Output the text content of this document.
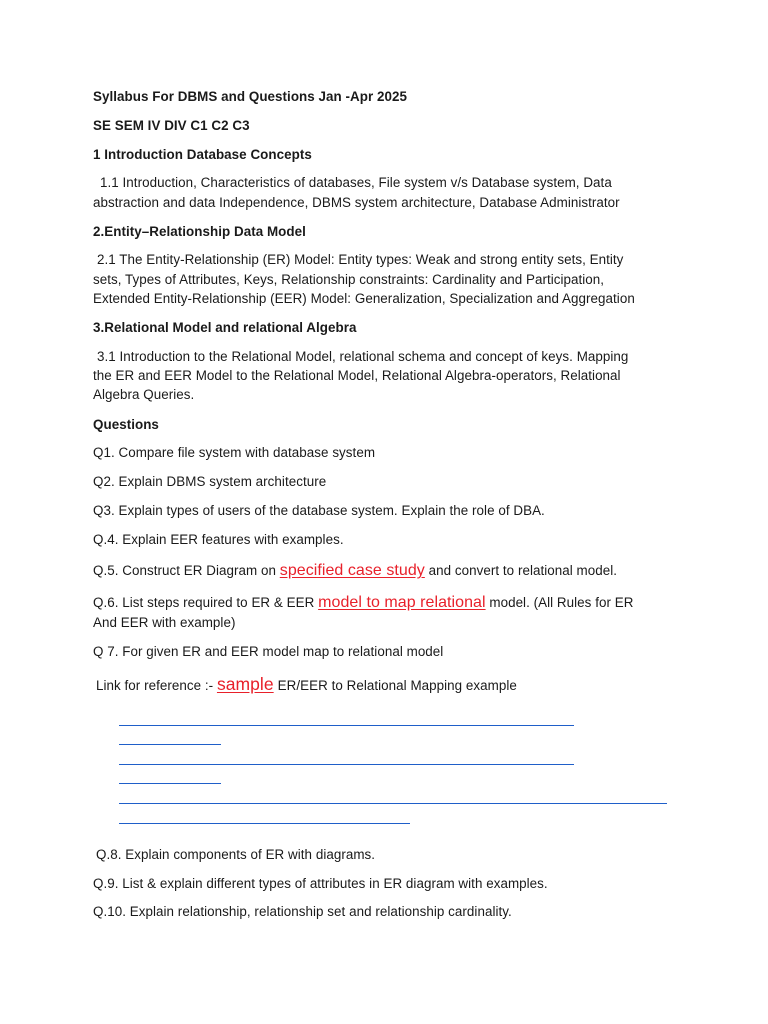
Syllabus For DBMS and Questions Jan -Apr 2025

SE SEM IV DIV C1 C2 C3

1 Introduction Database Concepts

1.1 Introduction, Characteristics of databases, File system v/s Database system, Data

abstraction and data Independence, DBMS system architecture, Database Administrator

2.Entity–Relationship Data Model

2.1 The Entity-Relationship (ER) Model: Entity types: Weak and strong entity sets, Entity

sets, Types of Attributes, Keys, Relationship constraints: Cardinality and Participation,

Extended Entity-Relationship (EER) Model: Generalization, Specialization and Aggregation

3.Relational Model and relational Algebra

3.1 Introduction to the Relational Model, relational schema and concept of keys. Mapping

the ER and EER Model to the Relational Model, Relational Algebra-operators, Relational

Algebra Queries.

Questions

Q1. Compare file system with database system

Q2. Explain DBMS system architecture

Q3. Explain types of users of the database system. Explain the role of DBA.

Q.4. Explain EER features with examples.

Q.5. Construct ER Diagram on specified case study and convert to relational model.

Q.6. List steps required to ER & EER model to map relational model. (All Rules for ER

And EER with example)

Q 7. For given ER and EER model map to relational model

Link for reference :- sample ER/EER to Relational Mapping example

Q.8. Explain components of ER with diagrams.

Q.9. List & explain different types of attributes in ER diagram with examples.

Q.10. Explain relationship, relationship set and relationship cardinality.
